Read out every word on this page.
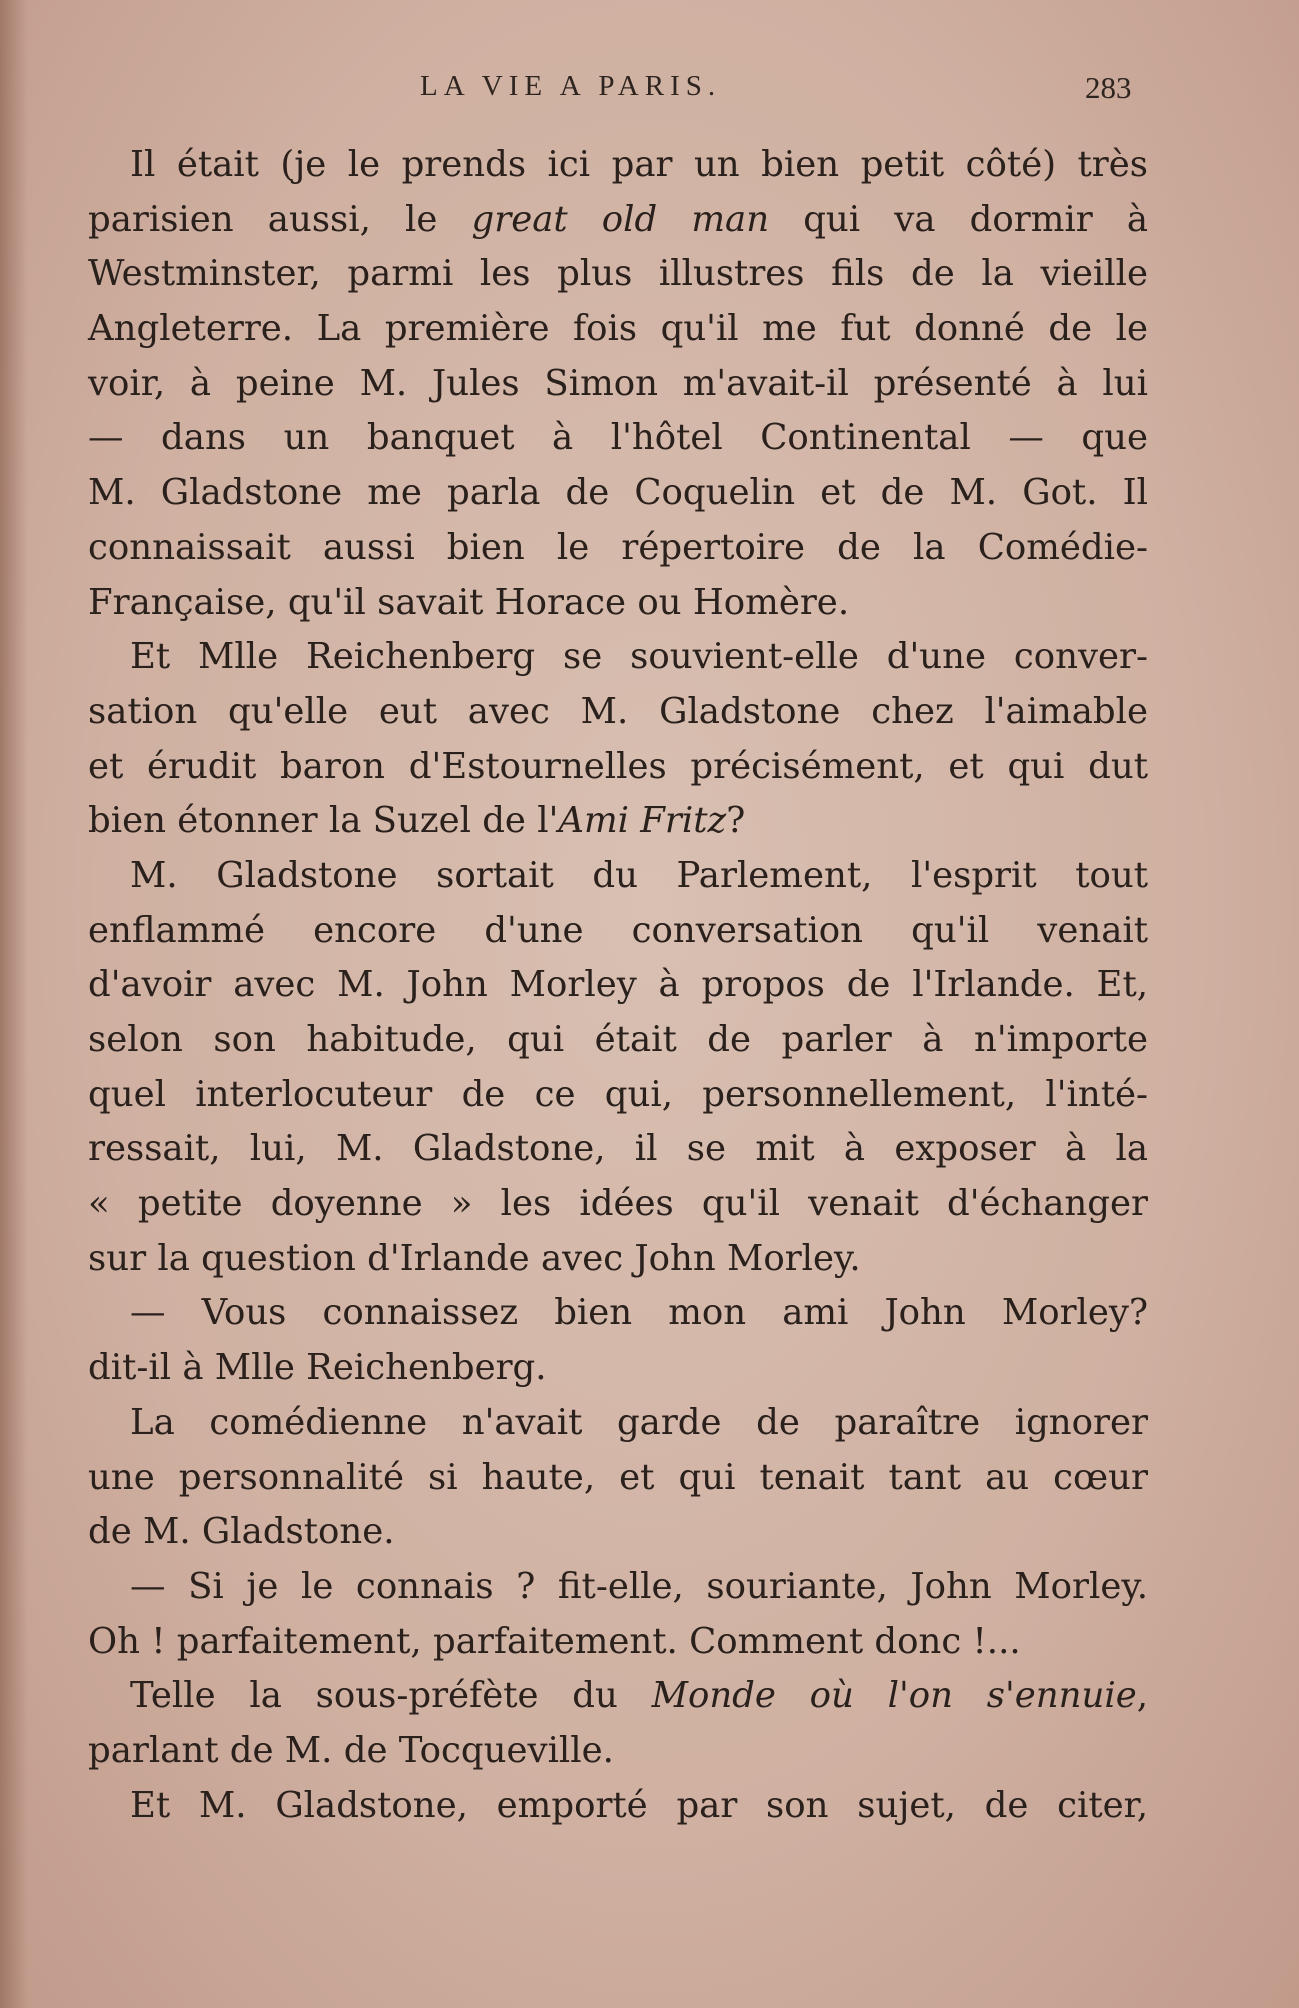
LA VIE A PARIS.	283
Il était (je le prends ici par un bien petit côté) très
parisien aussi, le great old man qui va dormir à
Westminster, parmi les plus illustres fils de la vieille
Angleterre. La première fois qu'il me fut donné de le
voir, à peine M. Jules Simon m'avait-il présenté à lui
— dans un banquet à l'hôtel Continental — que
M. Gladstone me parla de Coquelin et de M. Got. Il
connaissait aussi bien le répertoire de la Comédie-
Française, qu'il savait Horace ou Homère.
Et Mlle Reichenberg se souvient-elle d'une conver-
sation qu'elle eut avec M. Gladstone chez l'aimable
et érudit baron d'Estournelles précisément, et qui dut
bien étonner la Suzel de l'Ami Fritz?
M. Gladstone sortait du Parlement, l'esprit tout
enflammé encore d'une conversation qu'il venait
d'avoir avec M. John Morley à propos de l'Irlande. Et,
selon son habitude, qui était de parler à n'importe
quel interlocuteur de ce qui, personnellement, l'inté-
ressait, lui, M. Gladstone, il se mit à exposer à la
« petite doyenne » les idées qu'il venait d'échanger
sur la question d'Irlande avec John Morley.
— Vous connaissez bien mon ami John Morley?
dit-il à Mlle Reichenberg.
La comédienne n'avait garde de paraître ignorer
une personnalité si haute, et qui tenait tant au cœur
de M. Gladstone.
— Si je le connais ? fit-elle, souriante, John Morley.
Oh ! parfaitement, parfaitement. Comment donc !...
Telle la sous-préfète du Monde où l'on s'ennuie,
parlant de M. de Tocqueville.
Et M. Gladstone, emporté par son sujet, de citer,
